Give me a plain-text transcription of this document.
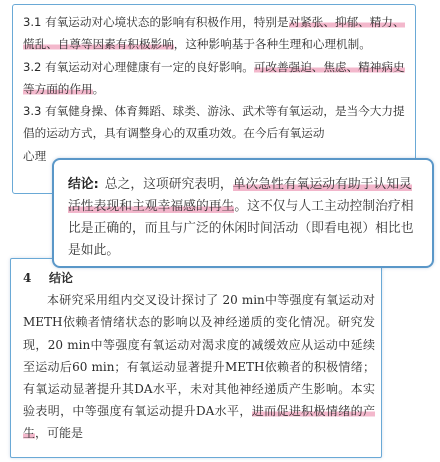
3.1 有氧运动对心境状态的影响有积极作用，特别是对紧张、抑郁、精力、慌乱、自尊等因素有积极影响，这种影响基于各种生理和心理机制。

3.2 有氧运动对心理健康有一定的良好影响。可改善强迫、焦虑、精神病史等方面的作用。

3.3 有氧健身操、体育舞蹈、球类、游泳、武术等有氧运动，是当今大力提倡的运动方式，具有调整身心的双重功效。在今后有氧运动

心理

4 结论

本研究采用组内交叉设计探讨了 20 min中等强度有氧运动对METH依赖者情绪状态的影响以及神经递质的变化情况。研究发现，20 min中等强度有氧运动对渴求度的减缓效应从运动中延续至运动后60 min；有氧运动显著提升METH依赖者的积极情绪；有氧运动显著提升其DA水平，未对其他神经递质产生影响。本实验表明，中等强度有氧运动提升DA水平，进而促进积极情绪的产生，可能是

结论: 总之，这项研究表明，单次急性有氧运动有助于认知灵活性表现和主观幸福感的再生。这不仅与人工主动控制治疗相比是正确的，而且与广泛的休闲时间活动（即看电视）相比也是如此。
